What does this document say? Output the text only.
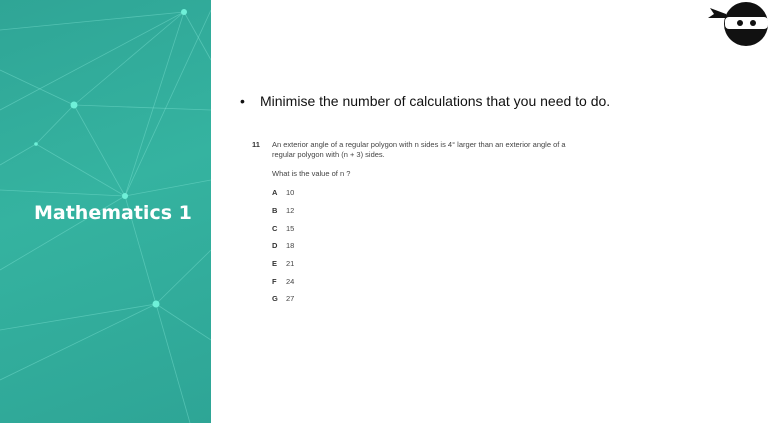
Mathematics 1
• Minimise the number of calculations that you need to do.
11 An exterior angle of a regular polygon with n sides is 4° larger than an exterior angle of a regular polygon with (n + 3) sides.
What is the value of n ?
A 10
B 12
C 15
D 18
E 21
F 24
G 27
